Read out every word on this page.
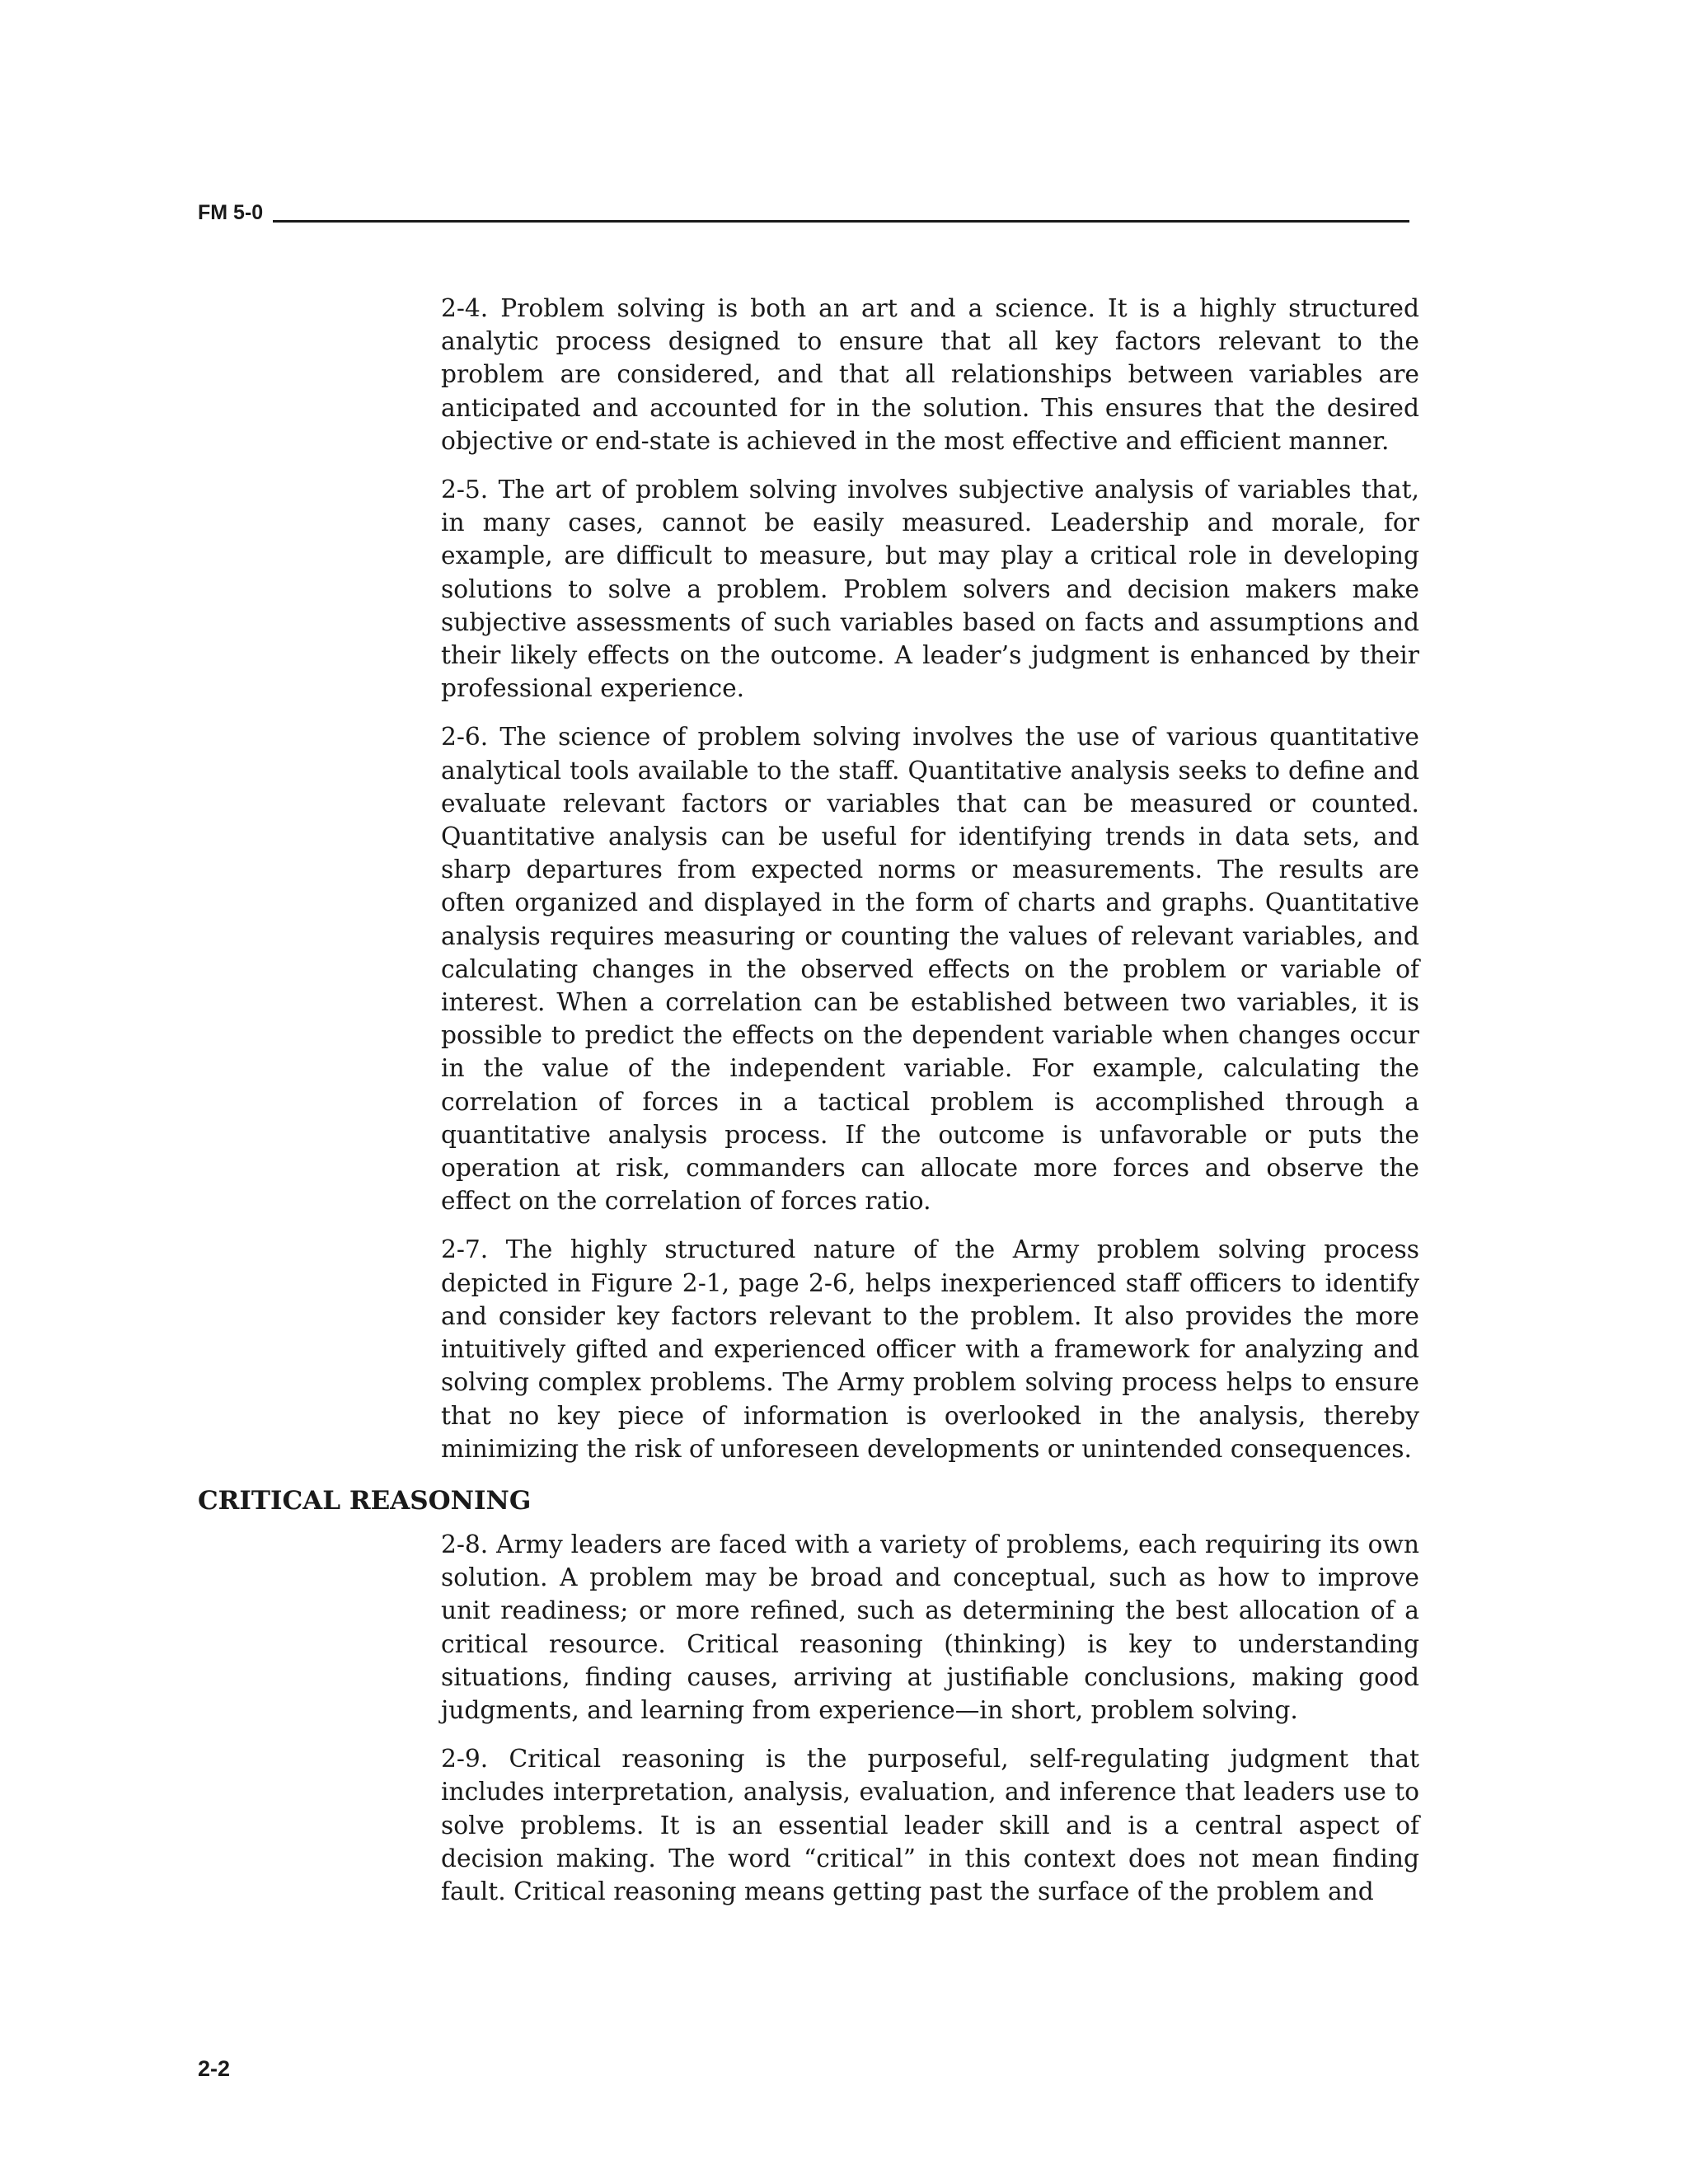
FM 5-0

2-4. Problem solving is both an art and a science. It is a highly structured analytic process designed to ensure that all key factors relevant to the problem are considered, and that all relationships between variables are anticipated and accounted for in the solution. This ensures that the desired objective or end-state is achieved in the most effective and efficient manner.

2-5. The art of problem solving involves subjective analysis of variables that, in many cases, cannot be easily measured. Leadership and morale, for example, are difficult to measure, but may play a critical role in developing solutions to solve a problem. Problem solvers and decision makers make subjective assessments of such variables based on facts and assumptions and their likely effects on the outcome. A leader’s judgment is enhanced by their professional experience.

2-6. The science of problem solving involves the use of various quantitative analytical tools available to the staff. Quantitative analysis seeks to define and evaluate relevant factors or variables that can be measured or counted. Quantitative analysis can be useful for identifying trends in data sets, and sharp departures from expected norms or measurements. The results are often organized and displayed in the form of charts and graphs. Quantitative analysis requires measuring or counting the values of relevant variables, and calculating changes in the observed effects on the problem or variable of interest. When a correlation can be established between two variables, it is possible to predict the effects on the dependent variable when changes occur in the value of the independent variable. For example, calculating the correlation of forces in a tactical problem is accomplished through a quantitative analysis process. If the outcome is unfavorable or puts the operation at risk, commanders can allocate more forces and observe the effect on the correlation of forces ratio.

2-7. The highly structured nature of the Army problem solving process depicted in Figure 2-1, page 2-6, helps inexperienced staff officers to identify and consider key factors relevant to the problem. It also provides the more intuitively gifted and experienced officer with a framework for analyzing and solving complex problems. The Army problem solving process helps to ensure that no key piece of information is overlooked in the analysis, thereby minimizing the risk of unforeseen developments or unintended consequences.

CRITICAL REASONING

2-8. Army leaders are faced with a variety of problems, each requiring its own solution. A problem may be broad and conceptual, such as how to improve unit readiness; or more refined, such as determining the best allocation of a critical resource. Critical reasoning (thinking) is key to understanding situations, finding causes, arriving at justifiable conclusions, making good judgments, and learning from experience—in short, problem solving.

2-9. Critical reasoning is the purposeful, self-regulating judgment that includes interpretation, analysis, evaluation, and inference that leaders use to solve problems. It is an essential leader skill and is a central aspect of decision making. The word “critical” in this context does not mean finding fault. Critical reasoning means getting past the surface of the problem and

2-2
